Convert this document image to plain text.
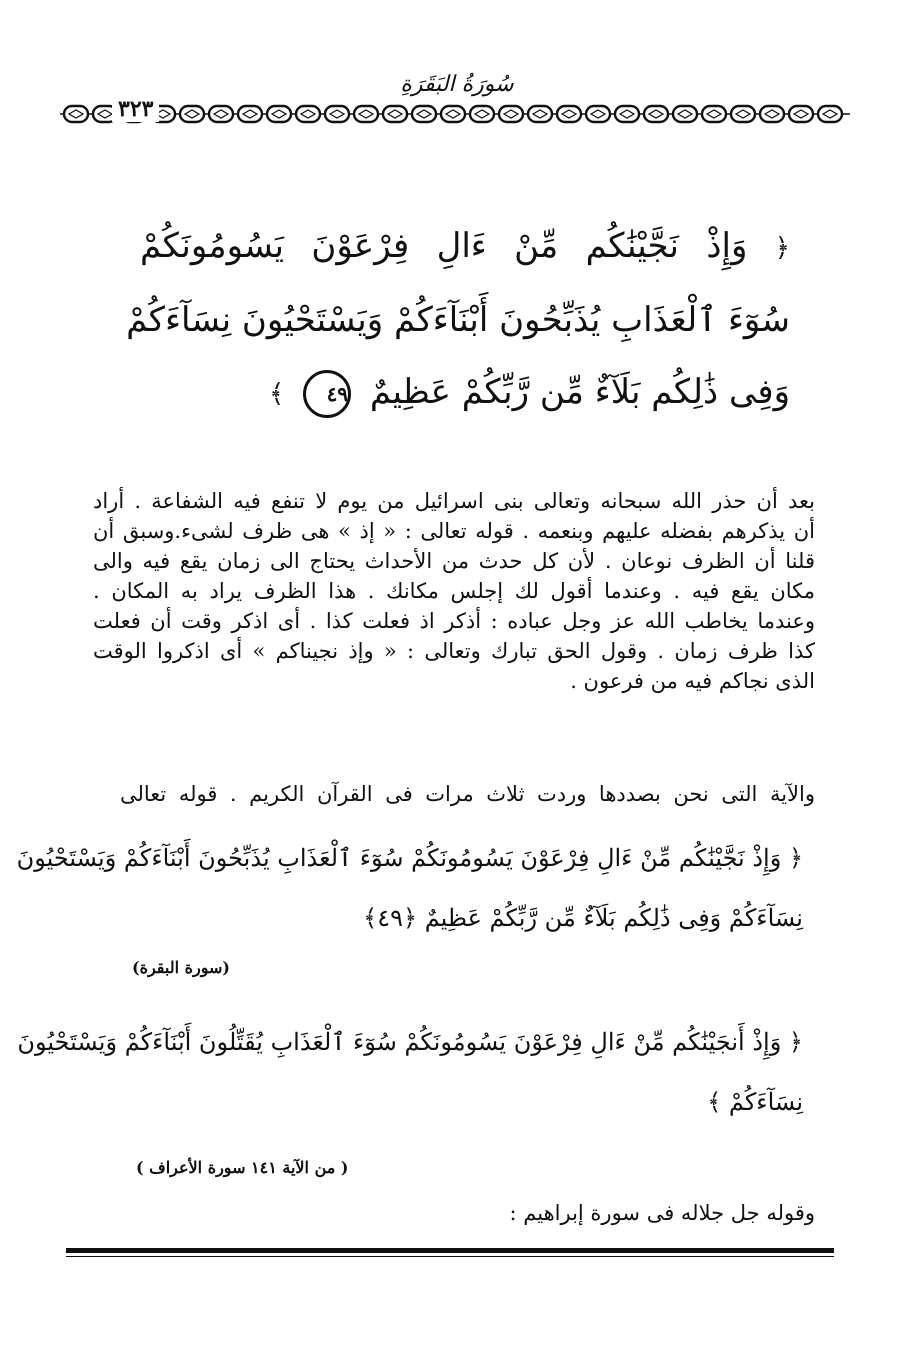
سُورَةُ البَقَرَةِ
٣٢٣
﴿ وَإِذْ نَجَّيْنَٰكُم مِّنْ ءَالِ فِرْعَوْنَ يَسُومُونَكُمْ
سُوٓءَ ٱلْعَذَابِ يُذَبِّحُونَ أَبْنَآءَكُمْ وَيَسْتَحْيُونَ نِسَآءَكُمْ
وَفِى ذَٰلِكُم بَلَآءٌ مِّن رَّبِّكُمْ عَظِيمٌ ٤٩ ﴾
بعد أن حذر الله سبحانه وتعالى بنى اسرائيل من يوم لا تنفع فيه الشفاعة . أراد
أن يذكرهم بفضله عليهم وبنعمه . قوله تعالى : « إذ » هى ظرف لشىء.وسبق أن
قلنا أن الظرف نوعان . لأن كل حدث من الأحداث يحتاج الى زمان يقع فيه والى
مكان يقع فيه . وعندما أقول لك إجلس مكانك . هذا الظرف يراد به المكان .
وعندما يخاطب الله عز وجل عباده : أذكر اذ فعلت كذا . أى اذكر وقت أن فعلت
كذا ظرف زمان . وقول الحق تبارك وتعالى : « وإذ نجيناكم » أى اذكروا الوقت
الذى نجاكم فيه من فرعون .
والآية التى نحن بصددها وردت ثلاث مرات فى القرآن الكريم . قوله تعالى
﴿ وَإِذْ نَجَّيْنَٰكُم مِّنْ ءَالِ فِرْعَوْنَ يَسُومُونَكُمْ سُوٓءَ ٱلْعَذَابِ يُذَبِّحُونَ أَبْنَآءَكُمْ وَيَسْتَحْيُونَ
نِسَآءَكُمْ وَفِى ذَٰلِكُم بَلَآءٌ مِّن رَّبِّكُمْ عَظِيمٌ ﴿٤٩﴾
(سورة البقرة)
﴿ وَإِذْ أَنجَيْنَٰكُم مِّنْ ءَالِ فِرْعَوْنَ يَسُومُونَكُمْ سُوٓءَ ٱلْعَذَابِ يُقَتِّلُونَ أَبْنَآءَكُمْ وَيَسْتَحْيُونَ
نِسَآءَكُمْ ﴾
( من الآية ١٤١ سورة الأعراف )
وقوله جل جلاله فى سورة إبراهيم :
